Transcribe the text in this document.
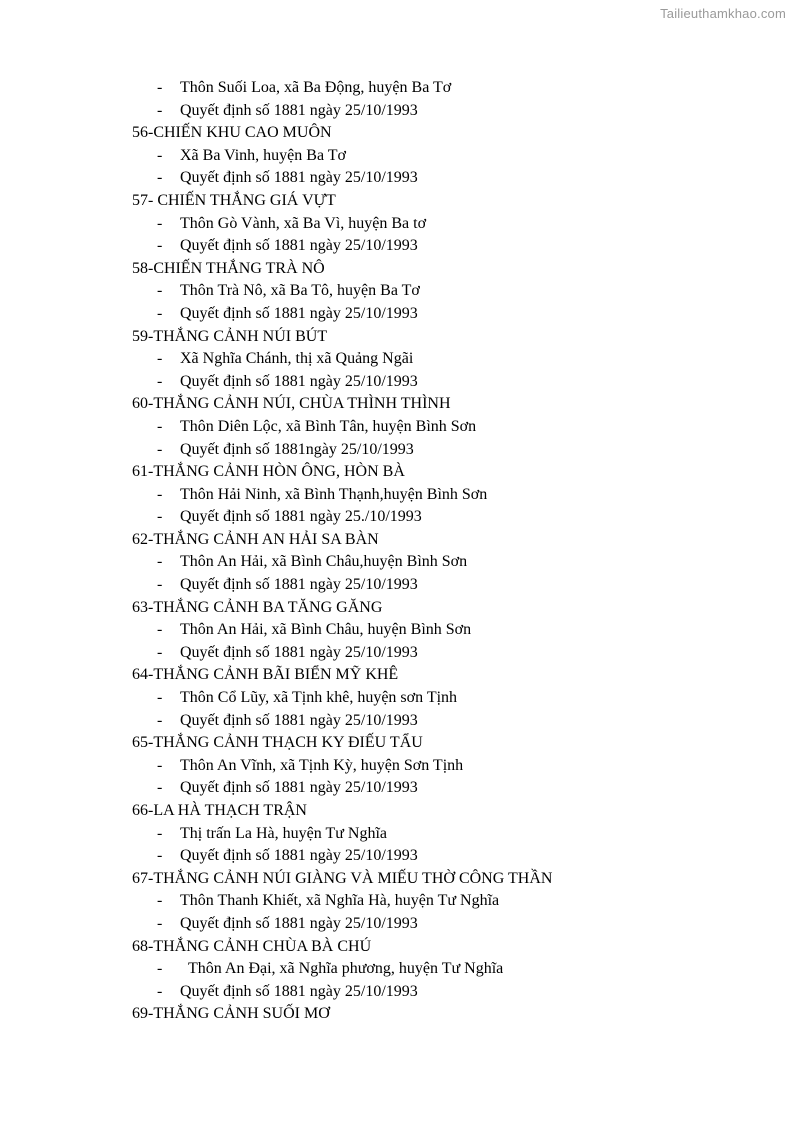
Tailieuthamkhao.com
- Thôn Suối Loa, xã Ba Động, huyện Ba Tơ
- Quyết định số 1881 ngày 25/10/1993
56-CHIẾN KHU CAO MUÔN
- Xã Ba Vinh, huyện Ba Tơ
- Quyết định số 1881 ngày 25/10/1993
57- CHIẾN THẮNG GIÁ VỰT
- Thôn Gò Vành, xã Ba Vì, huyện Ba tơ
- Quyết định số 1881 ngày 25/10/1993
58-CHIẾN THẮNG TRÀ NÔ
- Thôn Trà Nô, xã Ba Tô, huyện Ba Tơ
- Quyết định số 1881 ngày 25/10/1993
59-THẮNG CẢNH NÚI BÚT
- Xã Nghĩa Chánh, thị xã Quảng Ngãi
- Quyết định số 1881 ngày 25/10/1993
60-THẮNG CẢNH NÚI, CHÙA THÌNH THÌNH
- Thôn Diên Lộc, xã Bình Tân, huyện Bình Sơn
- Quyết định số 1881ngày 25/10/1993
61-THẮNG CẢNH HÒN ÔNG, HÒN BÀ
- Thôn Hải Ninh, xã Bình Thạnh,huyện Bình Sơn
- Quyết định số 1881 ngày 25./10/1993
62-THẮNG CẢNH AN HẢI SA BÀN
- Thôn An Hải, xã Bình Châu,huyện Bình Sơn
- Quyết định số 1881 ngày 25/10/1993
63-THẮNG CẢNH BA TĂNG GĂNG
- Thôn An Hải, xã Bình Châu, huyện Bình Sơn
- Quyết định số 1881 ngày 25/10/1993
64-THẮNG CẢNH BÃI BIỂN MỸ KHÊ
- Thôn Cổ Lũy, xã Tịnh khê, huyện sơn Tịnh
- Quyết định số 1881 ngày 25/10/1993
65-THẮNG CẢNH THẠCH KY ĐIẾU TẨU
- Thôn An Vĩnh, xã Tịnh Kỳ, huyện Sơn Tịnh
- Quyết định số 1881 ngày 25/10/1993
66-LA HÀ THẠCH TRẬN
- Thị trấn La Hà, huyện Tư Nghĩa
- Quyết định số 1881 ngày 25/10/1993
67-THẮNG CẢNH NÚI GIÀNG VÀ MIẾU THỜ CÔNG THẦN
- Thôn Thanh Khiết, xã Nghĩa Hà, huyện Tư Nghĩa
- Quyết định số 1881 ngày 25/10/1993
68-THẮNG CẢNH CHÙA BÀ CHÚ
- Thôn An Đại, xã Nghĩa phương, huyện Tư Nghĩa
- Quyết định số 1881 ngày 25/10/1993
69-THẮNG CẢNH SUỐI MƠ
